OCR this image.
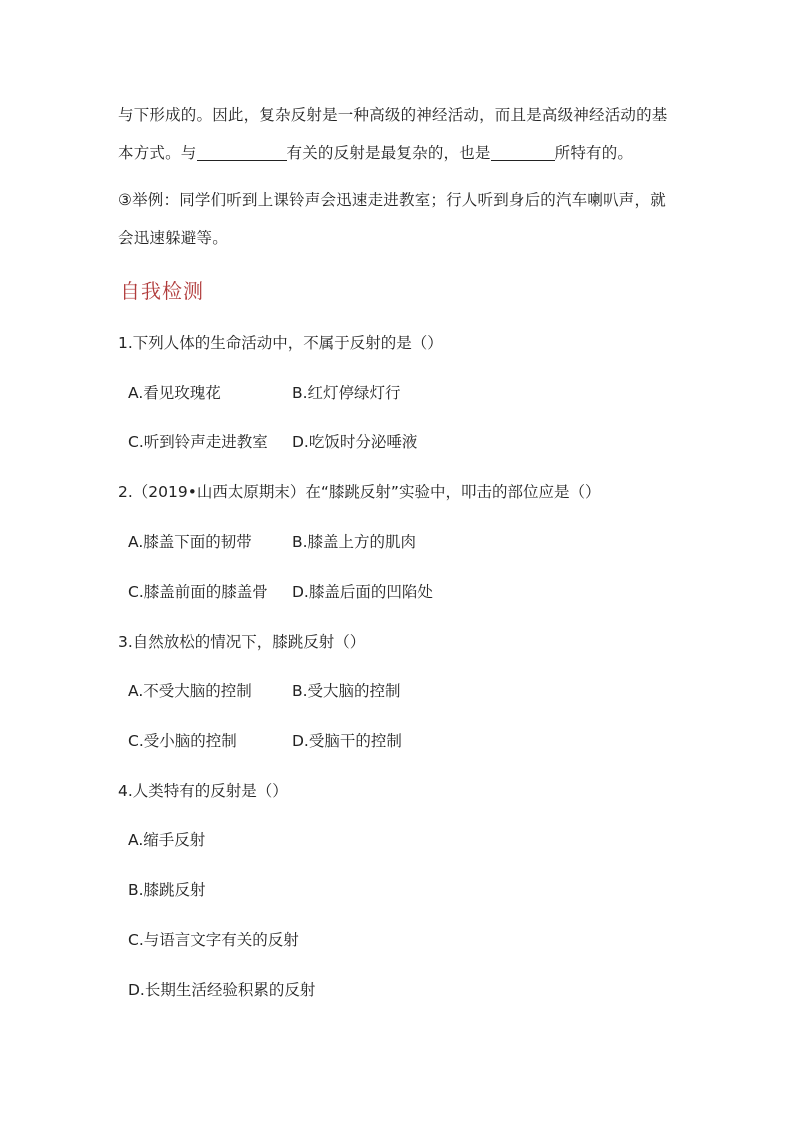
与下形成的。因此，复杂反射是一种高级的神经活动，而且是高级神经活动的基
本方式。与	有关的反射是最复杂的，也是	所特有的。
③举例：同学们听到上课铃声会迅速走进教室；行人听到身后的汽车喇叭声，就
会迅速躲避等。
自我检测
1.下列人体的生命活动中，不属于反射的是（）
A.看见玫瑰花	B.红灯停绿灯行
C.听到铃声走进教室 D.吃饭时分泌唾液
2.（2019•山西太原期末）在“膝跳反射”实验中，叩击的部位应是（）
A.膝盖下面的韧带	B.膝盖上方的肌肉
C.膝盖前面的膝盖骨 D.膝盖后面的凹陷处
3.自然放松的情况下，膝跳反射（）
A.不受大脑的控制	B.受大脑的控制
C.受小脑的控制	D.受脑干的控制
4.人类特有的反射是（）
A.缩手反射
B.膝跳反射
C.与语言文字有关的反射
D.长期生活经验积累的反射
